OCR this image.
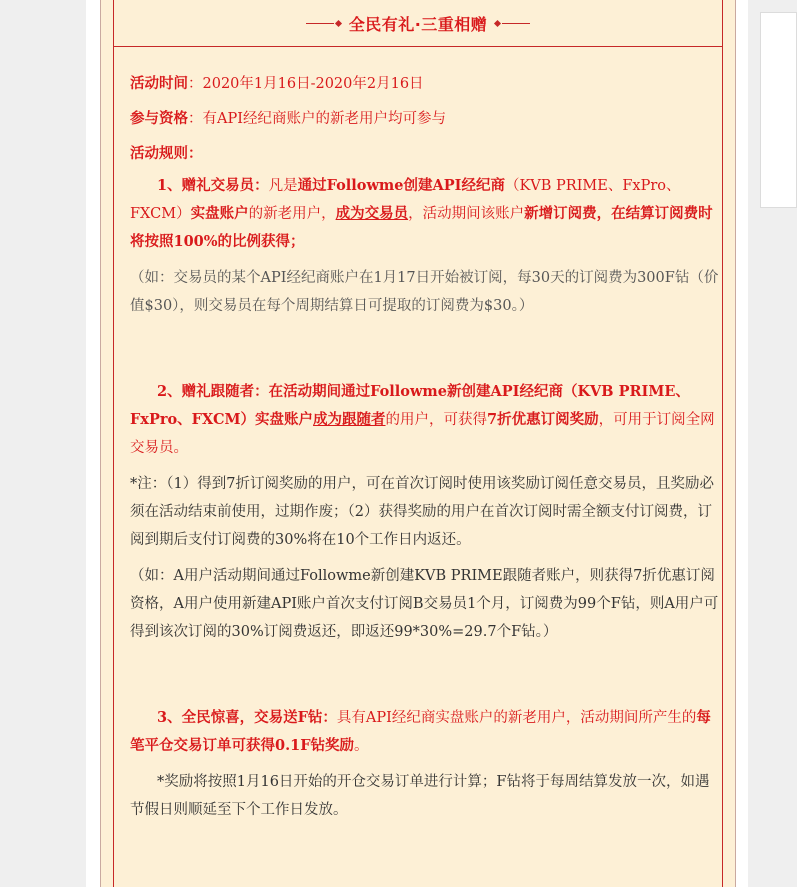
全民有礼·三重相赠

活动时间：2020年1月16日-2020年2月16日

参与资格：有API经纪商账户的新老用户均可参与

活动规则：

1、赠礼交易员：凡是通过Followme创建API经纪商（KVB PRIME、FxPro、FXCM）实盘账户的新老用户，成为交易员，活动期间该账户新增订阅费，在结算订阅费时将按照100%的比例获得；

（如：交易员的某个API经纪商账户在1月17日开始被订阅，每30天的订阅费为300F钻（价值$30），则交易员在每个周期结算日可提取的订阅费为$30。）

2、赠礼跟随者：在活动期间通过Followme新创建API经纪商（KVB PRIME、FxPro、FXCM）实盘账户成为跟随者的用户，可获得7折优惠订阅奖励，可用于订阅全网交易员。

*注：（1）得到7折订阅奖励的用户，可在首次订阅时使用该奖励订阅任意交易员，且奖励必须在活动结束前使用，过期作废；（2）获得奖励的用户在首次订阅时需全额支付订阅费，订阅到期后支付订阅费的30%将在10个工作日内返还。

（如：A用户活动期间通过Followme新创建KVB PRIME跟随者账户，则获得7折优惠订阅资格，A用户使用新建API账户首次支付订阅B交易员1个月，订阅费为99个F钻，则A用户可得到该次订阅的30%订阅费返还，即返还99*30%=29.7个F钻。）

3、全民惊喜，交易送F钻：具有API经纪商实盘账户的新老用户，活动期间所产生的每笔平仓交易订单可获得0.1F钻奖励。

*奖励将按照1月16日开始的开仓交易订单进行计算；F钻将于每周结算发放一次，如遇节假日则顺延至下个工作日发放。
